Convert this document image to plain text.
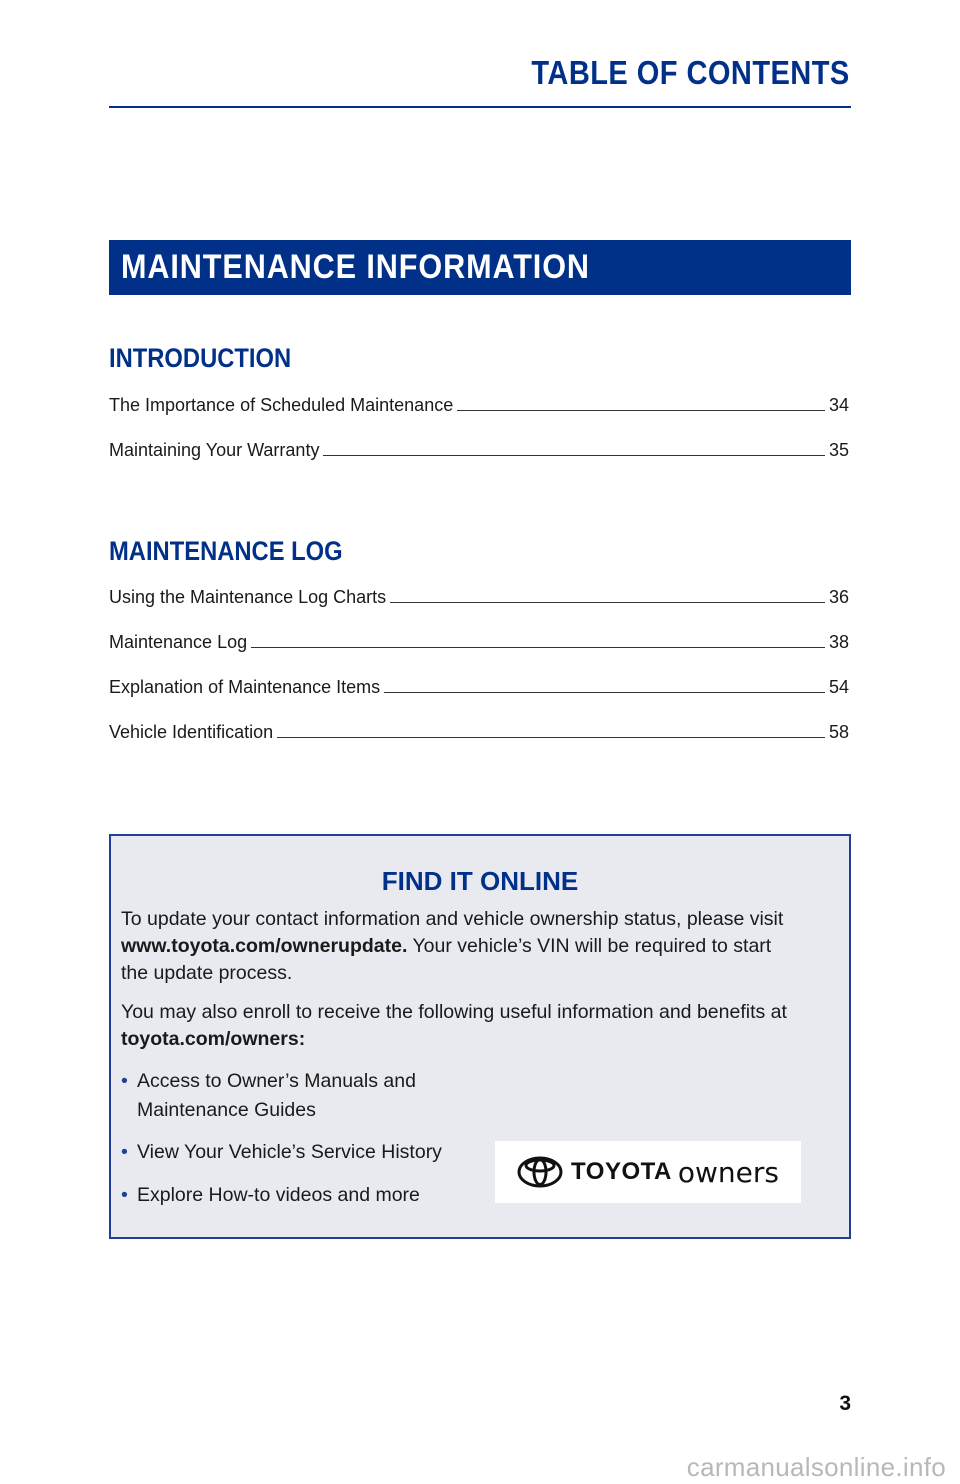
TABLE OF CONTENTS
MAINTENANCE INFORMATION
INTRODUCTION
The Importance of Scheduled Maintenance	34
Maintaining Your Warranty	35
MAINTENANCE LOG
Using the Maintenance Log Charts	36
Maintenance Log	38
Explanation of Maintenance Items	54
Vehicle Identification	58
FIND IT ONLINE

To update your contact information and vehicle ownership status, please visit
www.toyota.com/ownerupdate. Your vehicle’s VIN will be required to start
the update process.

You may also enroll to receive the following useful information and benefits at
toyota.com/owners:

• Access to Owner’s Manuals and
Maintenance Guides
• View Your Vehicle’s Service History
• Explore How-to videos and more
TOYOTA owners
3
carmanualsonline.info
